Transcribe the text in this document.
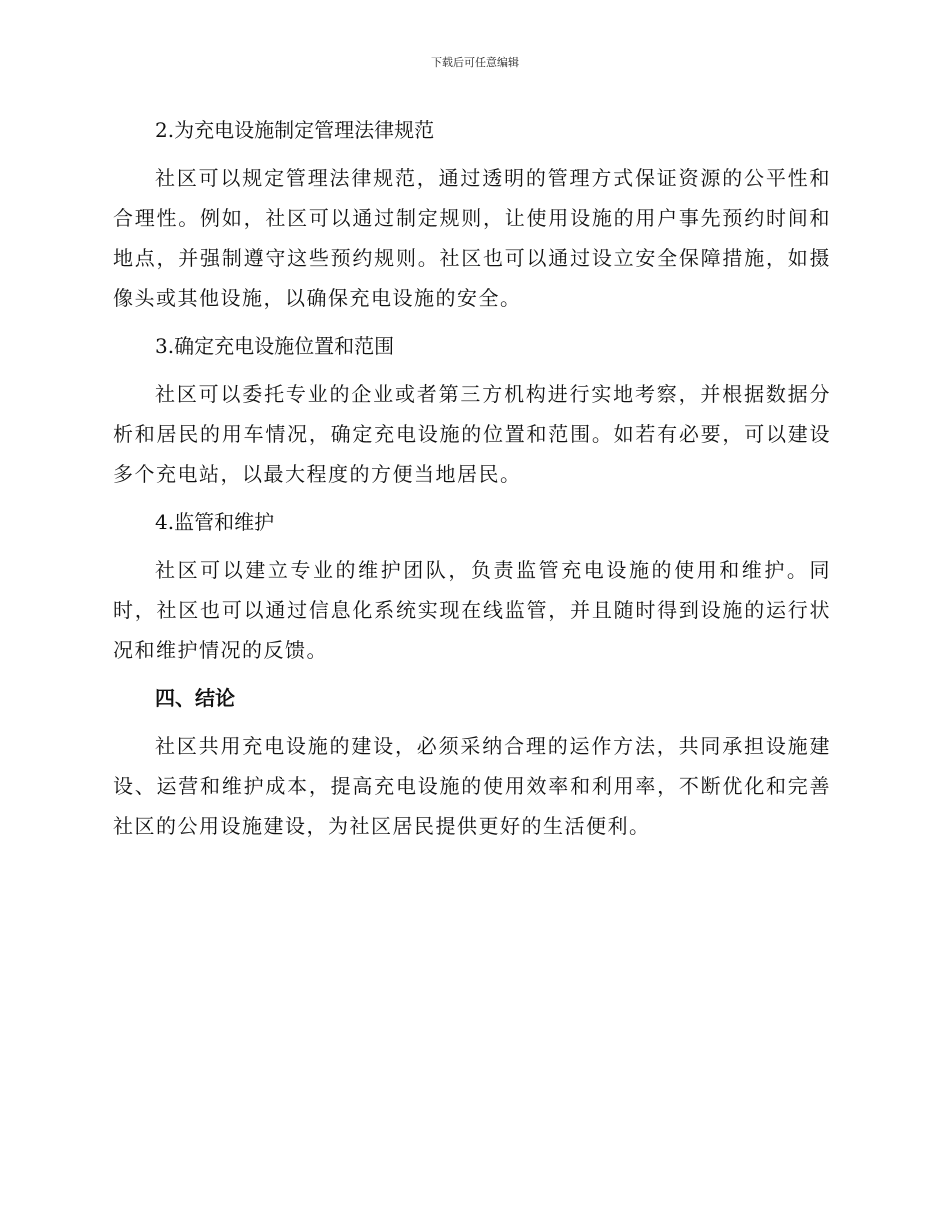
下载后可任意编辑

2.为充电设施制定管理法律规范

社区可以规定管理法律规范，通过透明的管理方式保证资源的公平性和合理性。例如，社区可以通过制定规则，让使用设施的用户事先预约时间和地点，并强制遵守这些预约规则。社区也可以通过设立安全保障措施，如摄像头或其他设施，以确保充电设施的安全。

3.确定充电设施位置和范围

社区可以委托专业的企业或者第三方机构进行实地考察，并根据数据分析和居民的用车情况，确定充电设施的位置和范围。如若有必要，可以建设多个充电站，以最大程度的方便当地居民。

4.监管和维护

社区可以建立专业的维护团队，负责监管充电设施的使用和维护。同时，社区也可以通过信息化系统实现在线监管，并且随时得到设施的运行状况和维护情况的反馈。

四、结论

社区共用充电设施的建设，必须采纳合理的运作方法，共同承担设施建设、运营和维护成本，提高充电设施的使用效率和利用率，不断优化和完善社区的公用设施建设，为社区居民提供更好的生活便利。
